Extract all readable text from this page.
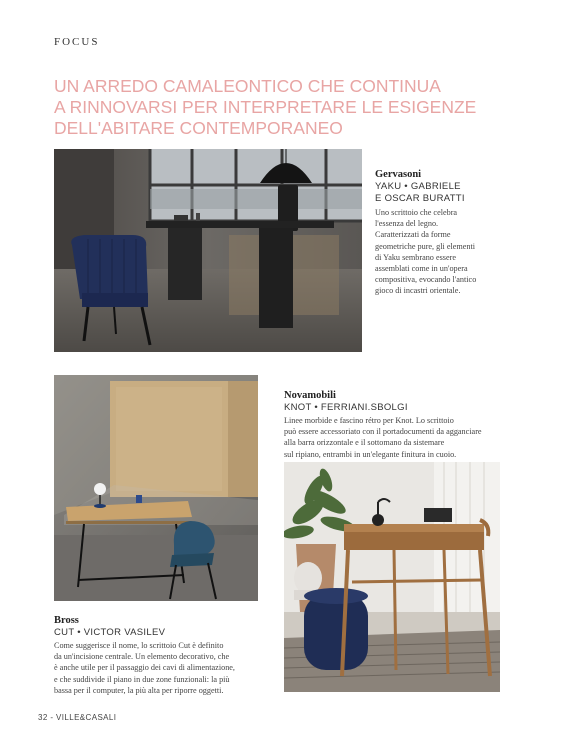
FOCUS
UN ARREDO CAMALEONTICO CHE CONTINUA
A RINNOVARSI PER INTERPRETARE LE ESIGENZE
DELL'ABITARE CONTEMPORANEO
Gervasoni
YAKU • GABRIELE
E OSCAR BURATTI
Uno scrittoio che celebra
l'essenza del legno.
Caratterizzati da forme
geometriche pure, gli elementi
di Yaku sembrano essere
assemblati come in un'opera
compositiva, evocando l'antico
gioco di incastri orientale.
Bross
CUT • VICTOR VASILEV
Come suggerisce il nome, lo scrittoio Cut è definito
da un'incisione centrale. Un elemento decorativo, che
è anche utile per il passaggio dei cavi di alimentazione,
e che suddivide il piano in due zone funzionali: la più
bassa per il computer, la più alta per riporre oggetti.
Novamobili
KNOT • FERRIANI.SBOLGI
Linee morbide e fascino rétro per Knot. Lo scrittoio
può essere accessoriato con il portadocumenti da agganciare
alla barra orizzontale e il sottomano da sistemare
sul ripiano, entrambi in un'elegante finitura in cuoio.
32 - VILLE&CASALI
